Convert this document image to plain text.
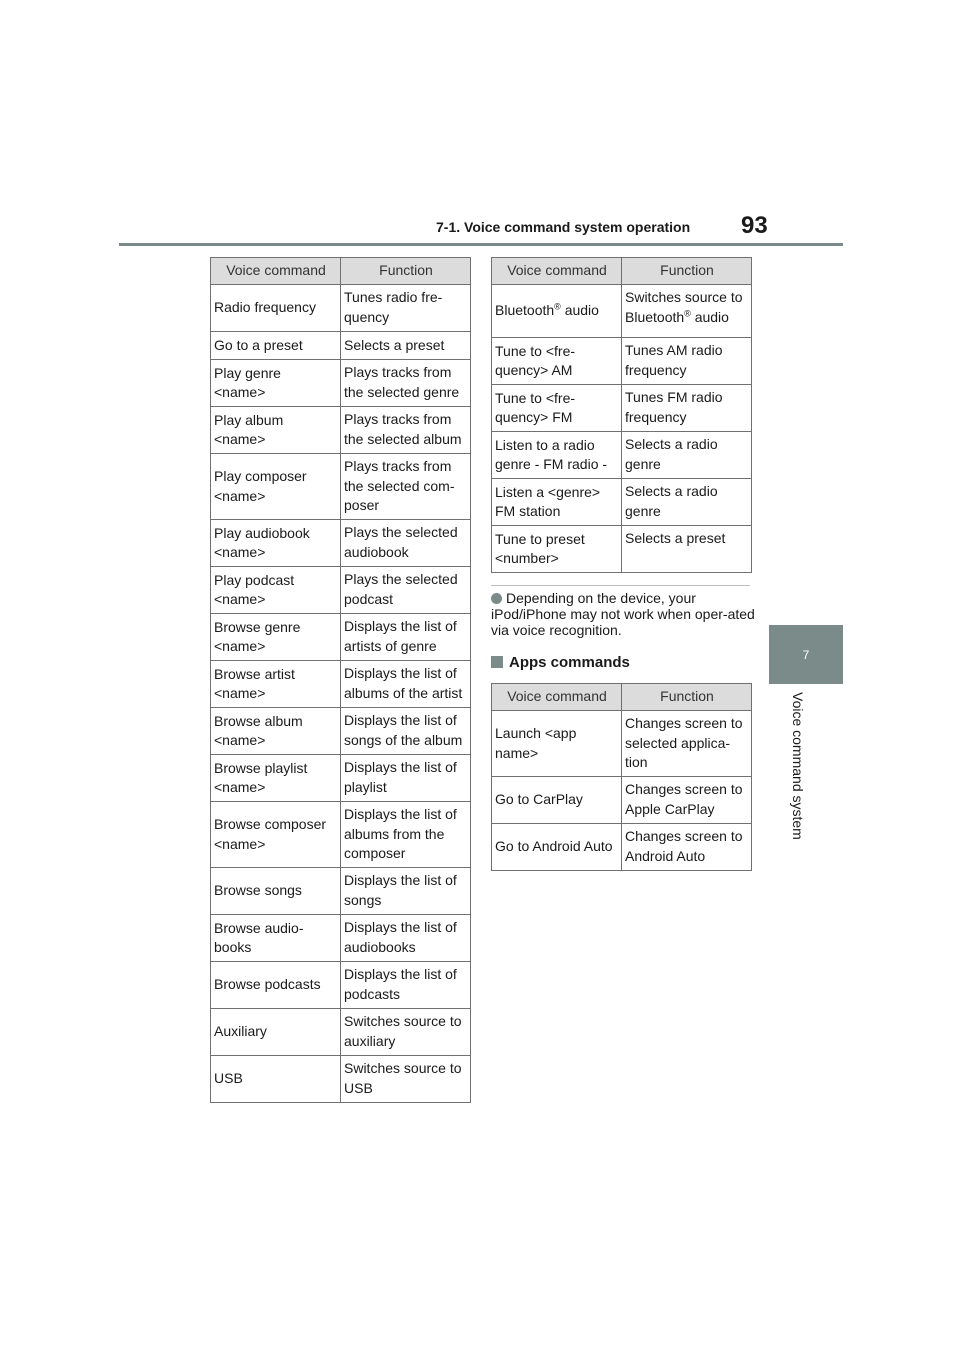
7-1. Voice command system operation 93
7
Voice command system
Voice command	Function
Radio frequency	Tunes radio fre-
quency
Go to a preset	Selects a preset
Play genre
<name>	Plays tracks from
the selected genre
Play album
<name>	Plays tracks from
the selected album
Play composer
<name>	Plays tracks from
the selected com-
poser
Play audiobook
<name>	Plays the selected
audiobook
Play podcast
<name>	Plays the selected
podcast
Browse genre
<name>	Displays the list of
artists of genre
Browse artist
<name>	Displays the list of
albums of the artist
Browse album
<name>	Displays the list of
songs of the album
Browse playlist
<name>	Displays the list of
playlist
Browse composer
<name>	Displays the list of
albums from the
composer
Browse songs	Displays the list of
songs
Browse audio-
books	Displays the list of
audiobooks
Browse podcasts	Displays the list of
podcasts
Auxiliary	Switches source to
auxiliary
USB	Switches source to
USB
Voice command	Function
Bluetooth® audio	Switches source to
Bluetooth® audio
Tune to <fre-
quency> AM	Tunes AM radio
frequency
Tune to <fre-
quency> FM	Tunes FM radio
frequency
Listen to a radio
genre - FM radio -	Selects a radio
genre
Listen a <genre>
FM station	Selects a radio
genre
Tune to preset
<number>	Selects a preset
Depending on the device, your iPod/iPhone may not work when oper-ated via voice recognition.
Apps commands
Voice command	Function
Launch <app
name>	Changes screen to
selected applica-
tion
Go to CarPlay	Changes screen to
Apple CarPlay
Go to Android Auto	Changes screen to
Android Auto
